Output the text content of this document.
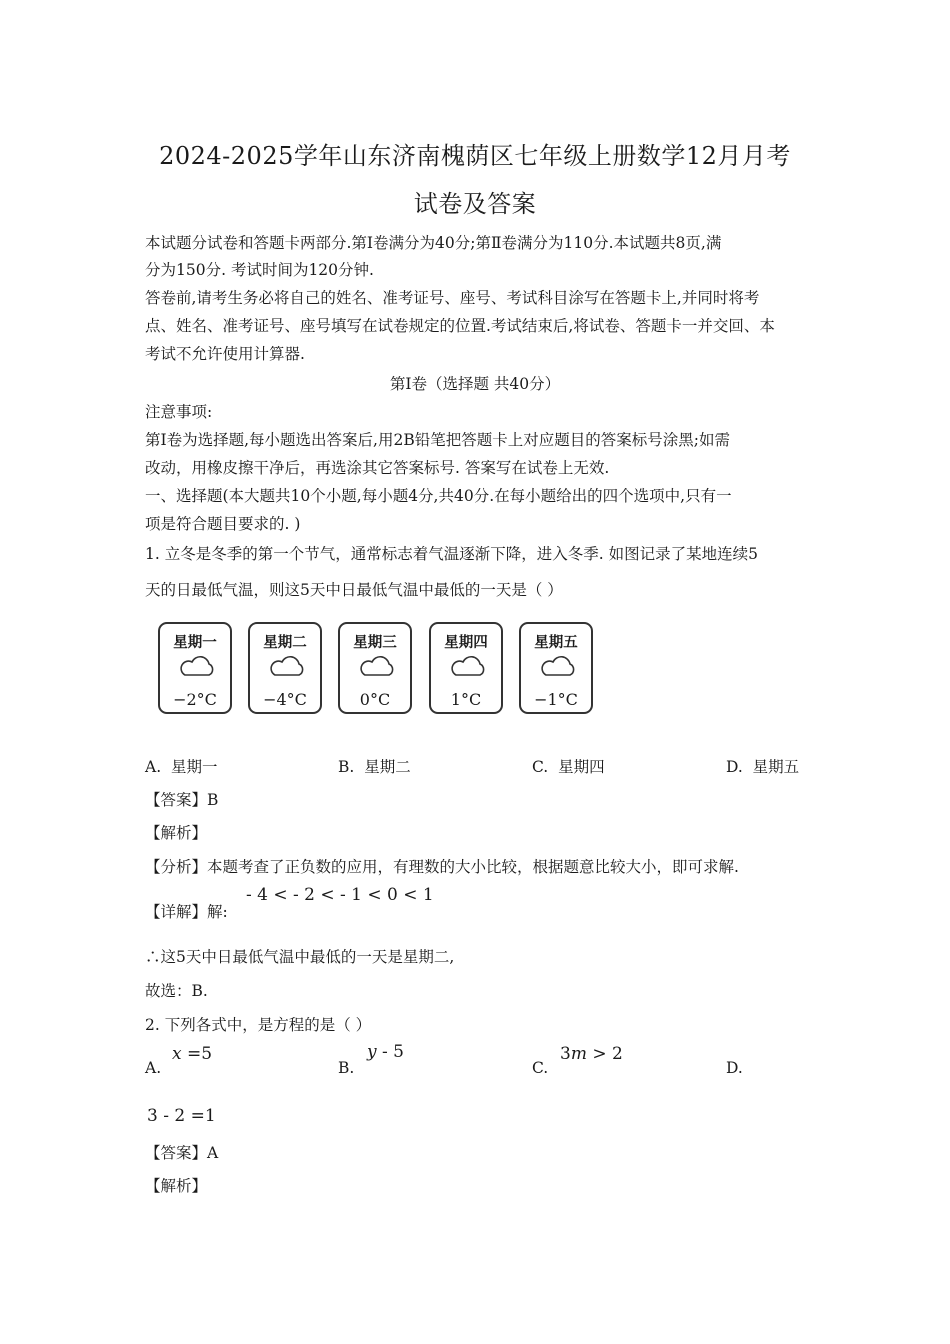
2024-2025学年山东济南槐荫区七年级上册数学12月月考
试卷及答案
本试题分试卷和答题卡两部分.第Ⅰ卷满分为40分;第Ⅱ卷满分为110分.本试题共8页,满
分为150分. 考试时间为120分钟.
答卷前,请考生务必将自己的姓名、准考证号、座号、考试科目涂写在答题卡上,并同时将考
点、姓名、准考证号、座号填写在试卷规定的位置.考试结束后,将试卷、答题卡一并交回、本
考试不允许使用计算器.
第Ⅰ卷（选择题 共40分）
注意事项:
第Ⅰ卷为选择题,每小题选出答案后,用2B铅笔把答题卡上对应题目的答案标号涂黑;如需
改动，用橡皮擦干净后，再选涂其它答案标号. 答案写在试卷上无效.
一、选择题(本大题共10个小题,每小题4分,共40分.在每小题给出的四个选项中,只有一
项是符合题目要求的. )
1. 立冬是冬季的第一个节气，通常标志着气温逐渐下降，进入冬季. 如图记录了某地连续5
天的日最低气温，则这5天中日最低气温中最低的一天是（ ）
星期一
−2°C
星期二
−4°C
星期三
0°C
星期四
1°C
星期五
−1°C
A. 星期一	B. 星期二	C. 星期四	D. 星期五
【答案】B
【解析】
【分析】本题考查了正负数的应用，有理数的大小比较，根据题意比较大小，即可求解.
【详解】解:
- 4 < - 2 < - 1 < 0 < 1
∴这5天中日最低气温中最低的一天是星期二,
故选：B.
2. 下列各式中，是方程的是（ ）
A.
x =5
B.
y - 5
C.
3m > 2
D.
3 - 2 =1
【答案】A
【解析】
